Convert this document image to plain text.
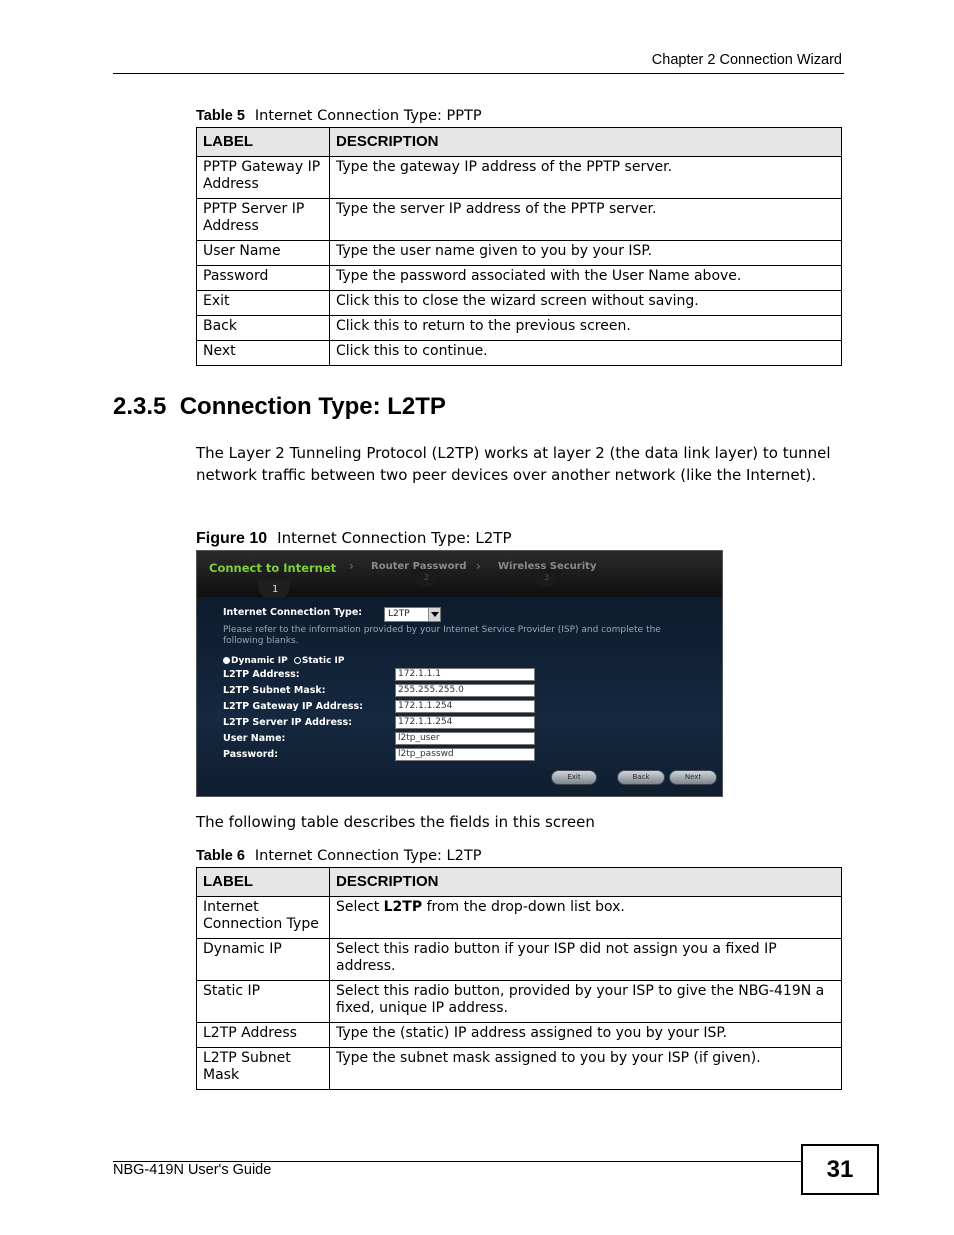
Chapter 2 Connection Wizard
Table 5 Internet Connection Type: PPTP
LABEL	DESCRIPTION
PPTP Gateway IP Address	Type the gateway IP address of the PPTP server.
PPTP Server IP Address	Type the server IP address of the PPTP server.
User Name	Type the user name given to you by your ISP.
Password	Type the password associated with the User Name above.
Exit	Click this to close the wizard screen without saving.
Back	Click this to return to the previous screen.
Next	Click this to continue.
2.3.5  Connection Type: L2TP
The Layer 2 Tunneling Protocol (L2TP) works at layer 2 (the data link layer) to tunnel network traffic between two peer devices over another network (like the Internet).
Figure 10 Internet Connection Type: L2TP
Connect to Internet
1
› Router Password
2
› Wireless Security
3
Internet Connection Type:	L2TP
Please refer to the information provided by your Internet Service Provider (ISP) and complete the following blanks.
Dynamic IP Static IP
L2TP Address:	172.1.1.1
L2TP Subnet Mask:	255.255.255.0
L2TP Gateway IP Address:	172.1.1.254
L2TP Server IP Address:	172.1.1.254
User Name:	l2tp_user
Password:	l2tp_passwd
Exit	Back	Next
The following table describes the fields in this screen
Table 6 Internet Connection Type: L2TP
LABEL	DESCRIPTION
Internet Connection Type	Select L2TP from the drop-down list box.
Dynamic IP	Select this radio button if your ISP did not assign you a fixed IP address.
Static IP	Select this radio button, provided by your ISP to give the NBG-419N a fixed, unique IP address.
L2TP Address	Type the (static) IP address assigned to you by your ISP.
L2TP Subnet Mask	Type the subnet mask assigned to you by your ISP (if given).
NBG-419N User's Guide	31
